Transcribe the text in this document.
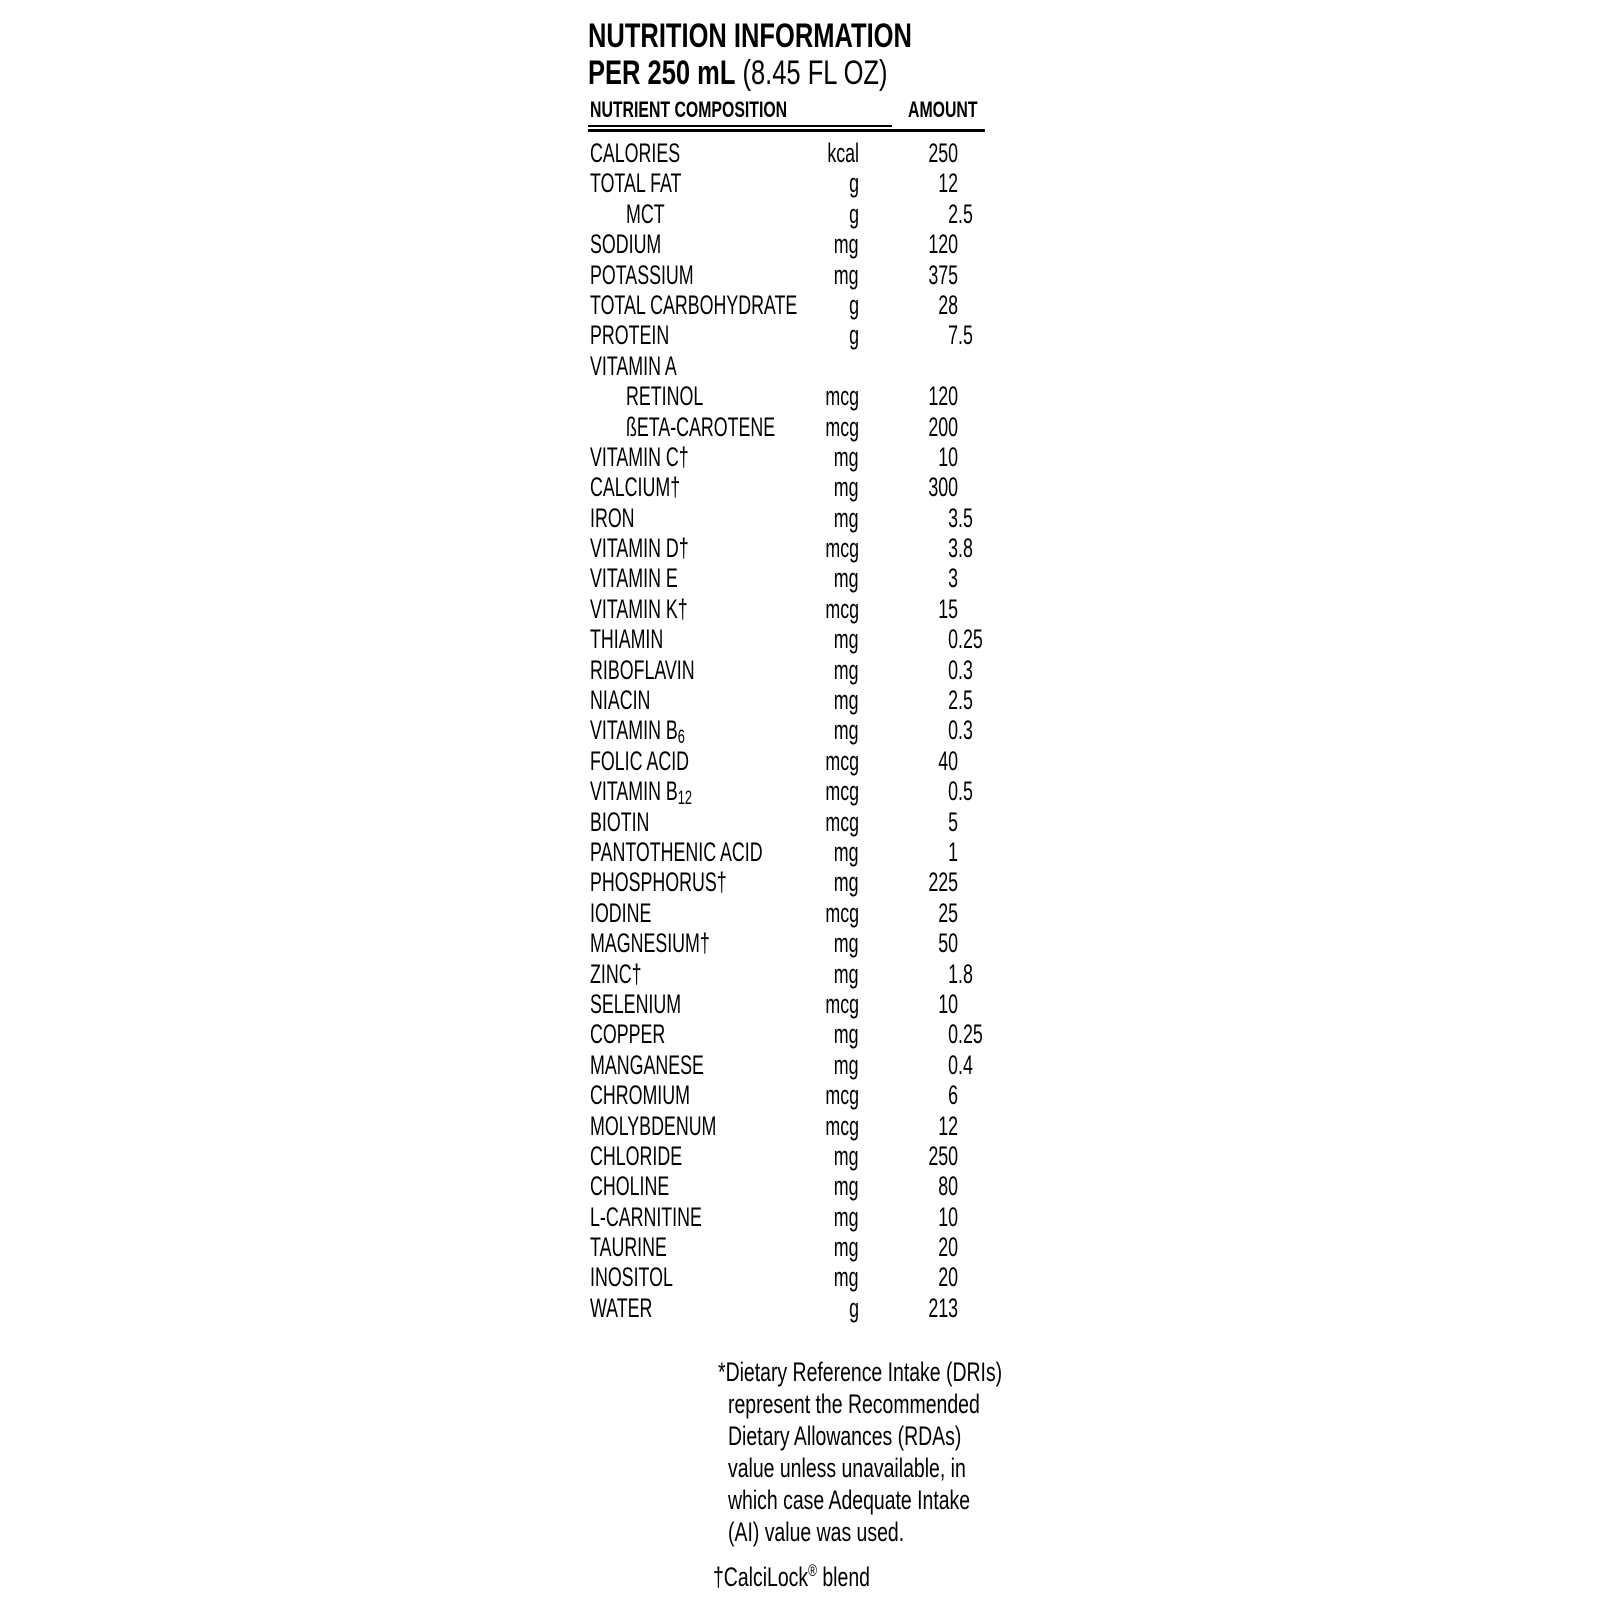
NUTRITION INFORMATION
PER 250 mL (8.45 FL OZ)
NUTRIENT COMPOSITION	AMOUNT
CALORIES	kcal	250
TOTAL FAT	g	12
MCT	g	2 .5
SODIUM	mg	120
POTASSIUM	mg	375
TOTAL CARBOHYDRATE g	28
PROTEIN	g	7 .5
VITAMIN A
RETINOL	mcg	120
ßETA-CAROTENE mcg	200
VITAMIN C†	mg	10
CALCIUM†	mg	300
IRON	mg	3 .5
VITAMIN D†	mcg	3 .8
VITAMIN E	mg	3
VITAMIN K†	mcg	15
THIAMIN	mg	0 .25
RIBOFLAVIN	mg	0 .3
NIACIN	mg	2 .5
VITAMIN $B_6$	mg	0 .3
FOLIC ACID	mcg	40
VITAMIN $B_{12}$	mcg	0 .5
BIOTIN	mcg	5
PANTOTHENIC ACID	mg	1
PHOSPHORUS†	mg	225
IODINE	mcg	25
MAGNESIUM†	mg	50
ZINC†	mg	1 .8
SELENIUM	mcg	10
COPPER	mg	0 .25
MANGANESE	mg	0 .4
CHROMIUM	mcg	6
MOLYBDENUM	mcg	12
CHLORIDE	mg	250
CHOLINE	mg	80
L-CARNITINE	mg	10
TAURINE	mg	20
INOSITOL	mg	20
WATER	g	213
*Dietary Reference Intake (DRIs)
represent the Recommended
Dietary Allowances (RDAs)
value unless unavailable, in
which case Adequate Intake
(AI) value was used.
†CalciLock® blend
